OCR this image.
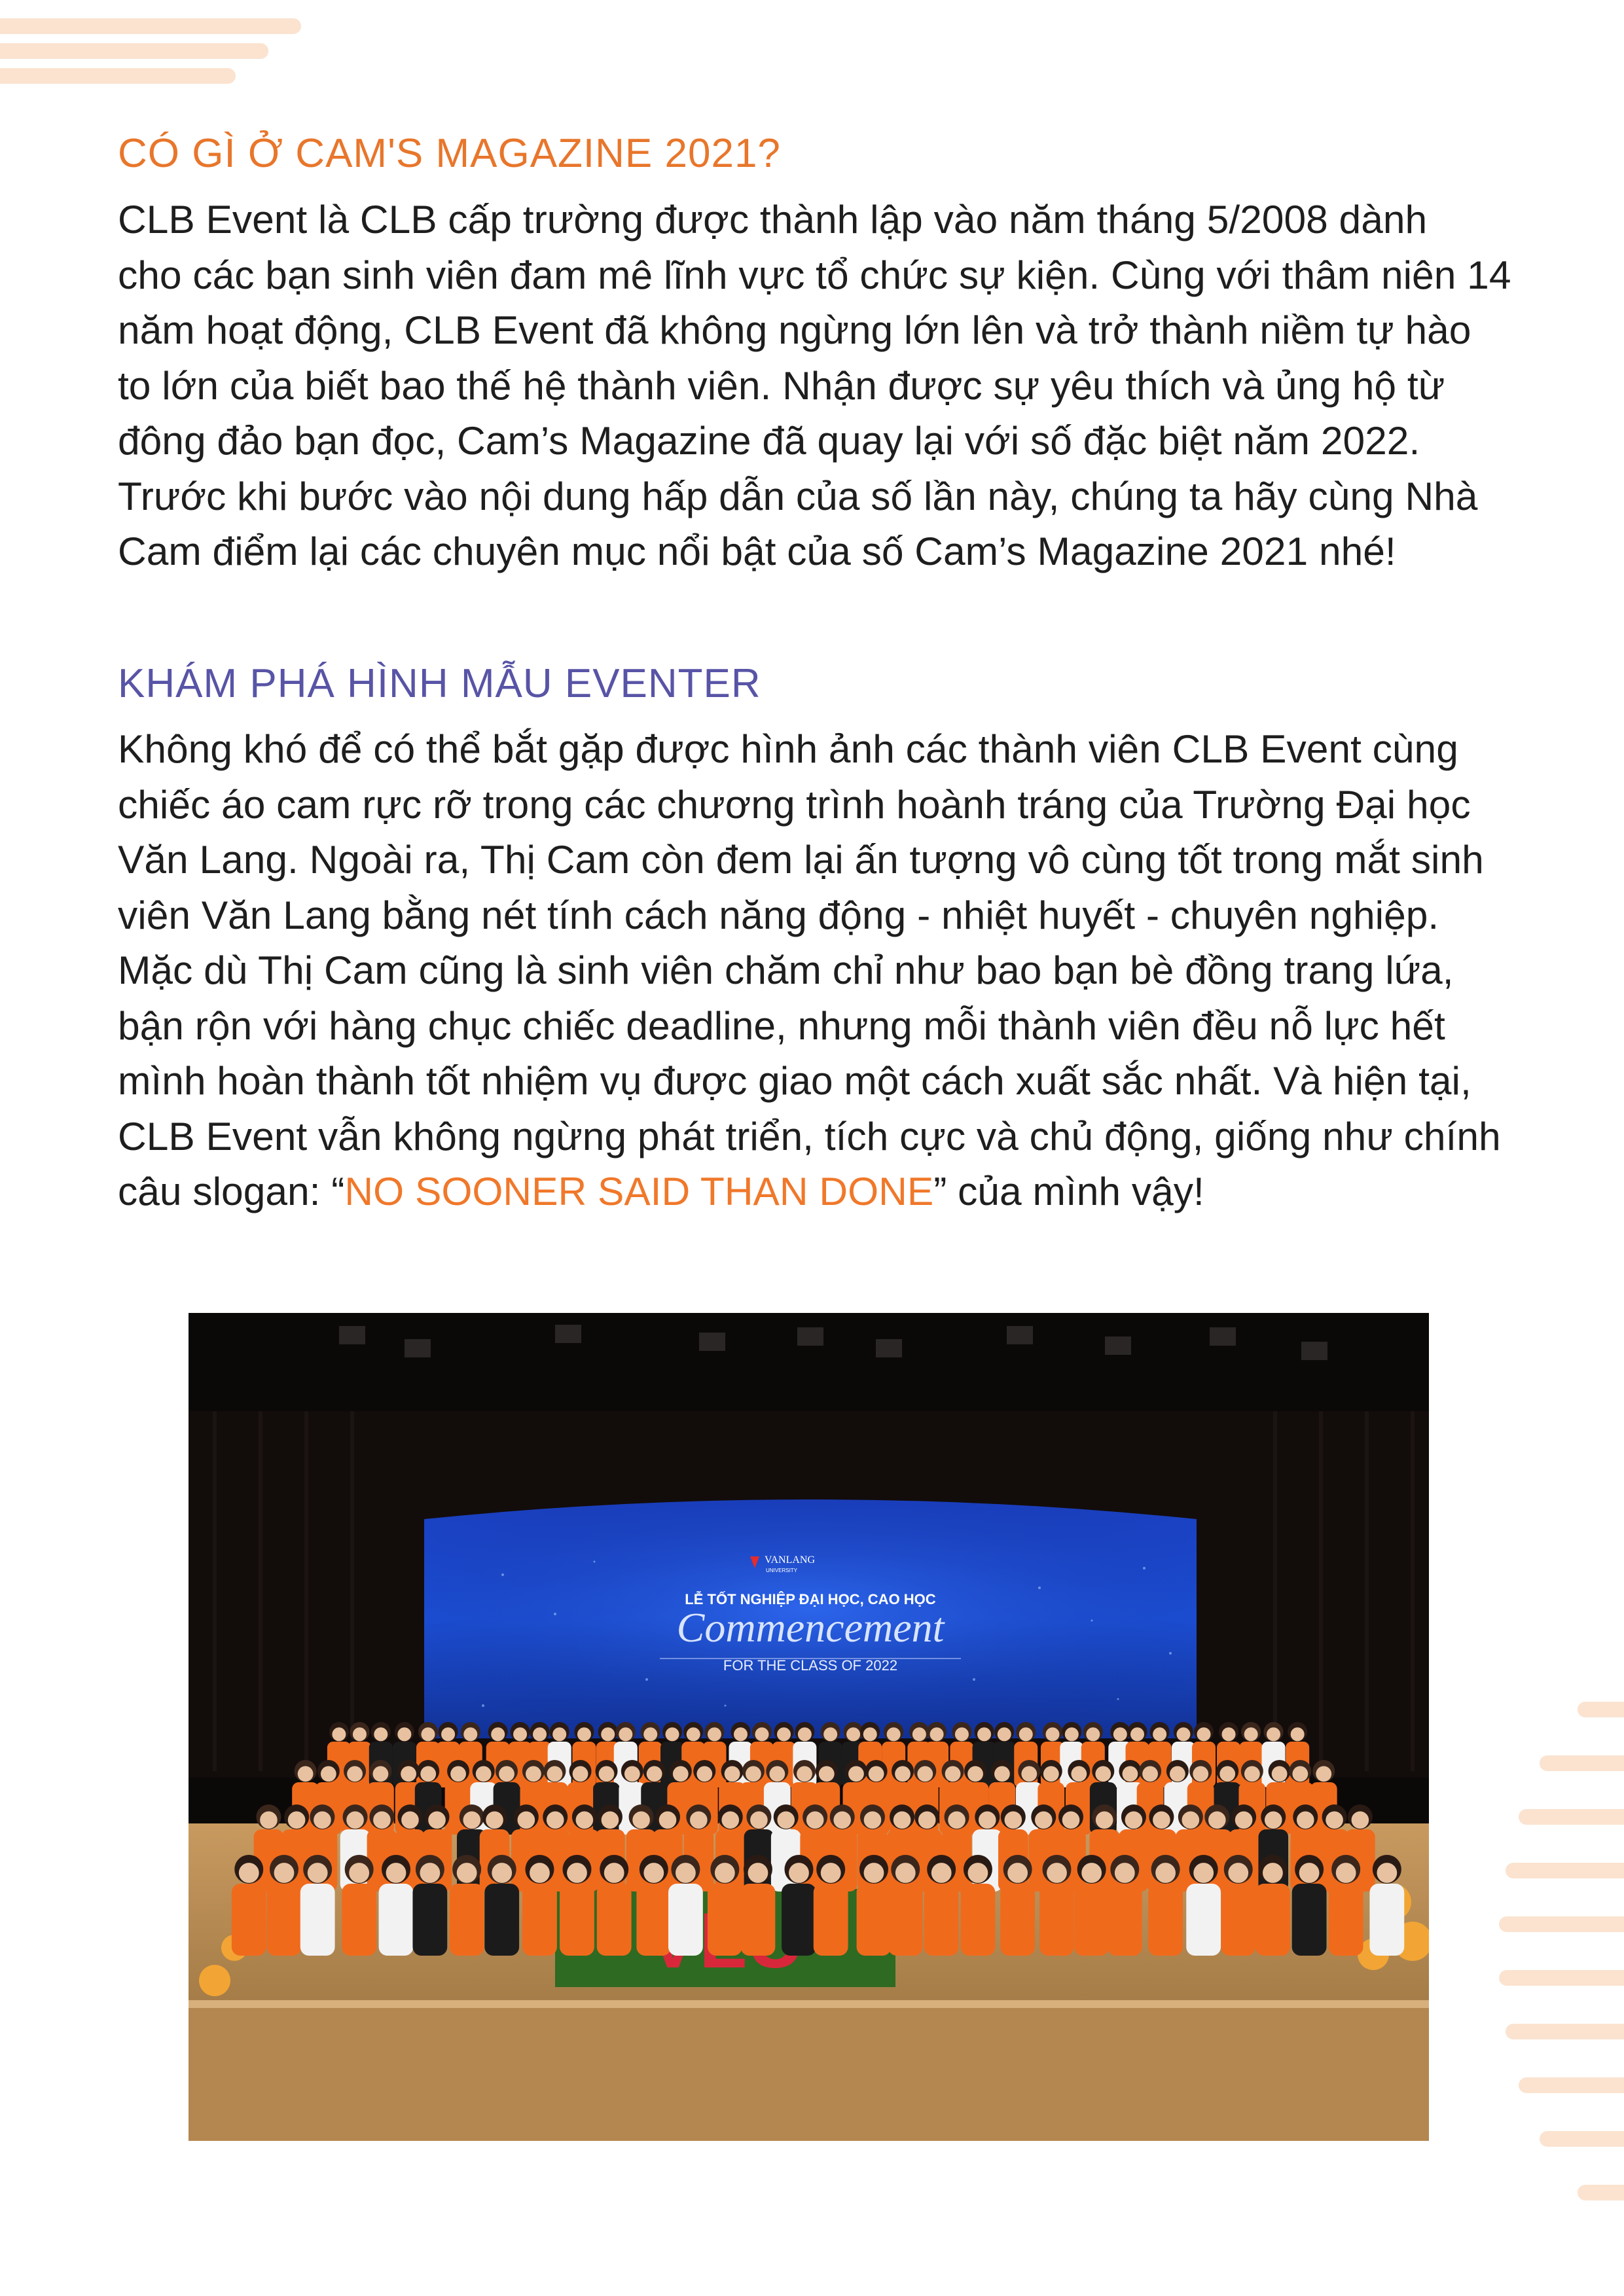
CÓ GÌ Ở CAM'S MAGAZINE 2021?

CLB Event là CLB cấp trường được thành lập vào năm tháng 5/2008 dành
cho các bạn sinh viên đam mê lĩnh vực tổ chức sự kiện. Cùng với thâm niên 14
năm hoạt động, CLB Event đã không ngừng lớn lên và trở thành niềm tự hào
to lớn của biết bao thế hệ thành viên. Nhận được sự yêu thích và ủng hộ từ
đông đảo bạn đọc, Cam’s Magazine đã quay lại với số đặc biệt năm 2022.
Trước khi bước vào nội dung hấp dẫn của số lần này, chúng ta hãy cùng Nhà
Cam điểm lại các chuyên mục nổi bật của số Cam’s Magazine 2021 nhé!

KHÁM PHÁ HÌNH MẪU EVENTER

Không khó để có thể bắt gặp được hình ảnh các thành viên CLB Event cùng
chiếc áo cam rực rỡ trong các chương trình hoành tráng của Trường Đại học
Văn Lang. Ngoài ra, Thị Cam còn đem lại ấn tượng vô cùng tốt trong mắt sinh
viên Văn Lang bằng nét tính cách năng động - nhiệt huyết - chuyên nghiệp.
Mặc dù Thị Cam cũng là sinh viên chăm chỉ như bao bạn bè đồng trang lứa,
bận rộn với hàng chục chiếc deadline, nhưng mỗi thành viên đều nỗ lực hết
mình hoàn thành tốt nhiệm vụ được giao một cách xuất sắc nhất. Và hiện tại,
CLB Event vẫn không ngừng phát triển, tích cực và chủ động, giống như chính
câu slogan: “NO SOONER SAID THAN DONE” của mình vậy!

VANLANG
UNIVERSITY
LỄ TỐT NGHIỆP ĐẠI HỌC, CAO HỌC
Commencement
FOR THE CLASS OF 2022
